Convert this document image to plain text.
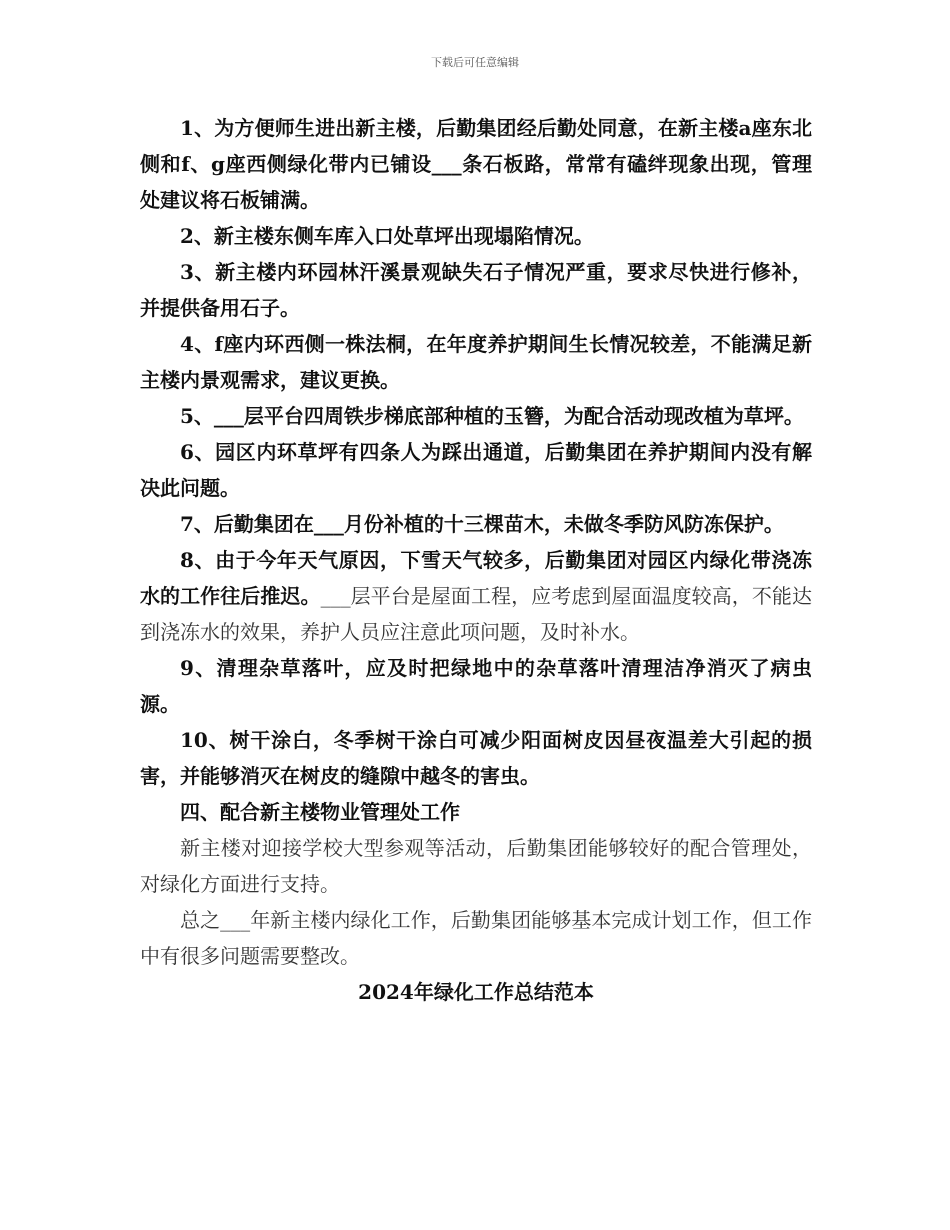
下载后可任意编辑

1、为方便师生进出新主楼，后勤集团经后勤处同意，在新主楼a座东北侧和f、g座西侧绿化带内已铺设___条石板路，常常有磕绊现象出现，管理处建议将石板铺满。

2、新主楼东侧车库入口处草坪出现塌陷情况。

3、新主楼内环园林汗溪景观缺失石子情况严重，要求尽快进行修补，并提供备用石子。

4、f座内环西侧一株法桐，在年度养护期间生长情况较差，不能满足新主楼内景观需求，建议更换。

5、___层平台四周铁步梯底部种植的玉簪，为配合活动现改植为草坪。

6、园区内环草坪有四条人为踩出通道，后勤集团在养护期间内没有解决此问题。

7、后勤集团在___月份补植的十三棵苗木，未做冬季防风防冻保护。

8、由于今年天气原因，下雪天气较多，后勤集团对园区内绿化带浇冻水的工作往后推迟。___层平台是屋面工程，应考虑到屋面温度较高，不能达到浇冻水的效果，养护人员应注意此项问题，及时补水。

9、清理杂草落叶，应及时把绿地中的杂草落叶清理洁净消灭了病虫源。

10、树干涂白，冬季树干涂白可减少阳面树皮因昼夜温差大引起的损害，并能够消灭在树皮的缝隙中越冬的害虫。

四、配合新主楼物业管理处工作

新主楼对迎接学校大型参观等活动，后勤集团能够较好的配合管理处，对绿化方面进行支持。

总之___年新主楼内绿化工作，后勤集团能够基本完成计划工作，但工作中有很多问题需要整改。

2024年绿化工作总结范本
